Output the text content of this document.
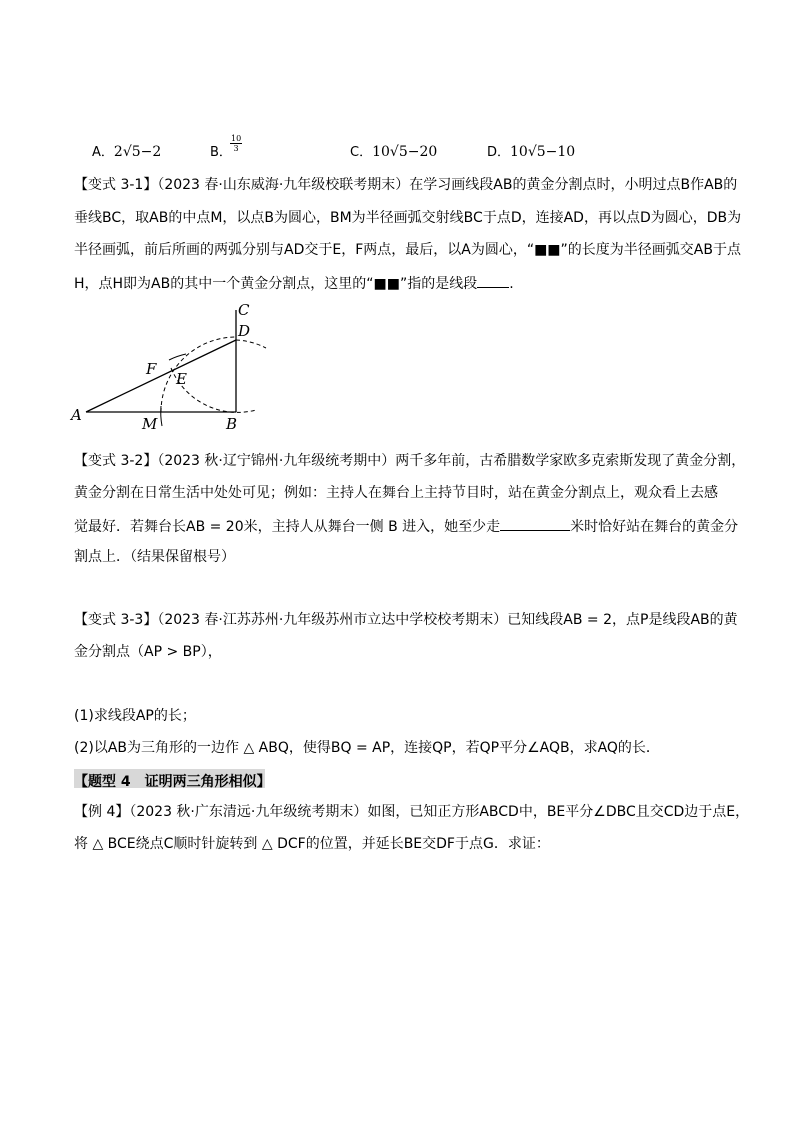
A．2√5−2	B．
$\frac{10}{3}$	C．10√5−20	D．10√5−10
【变式 3-1】（2023 春·山东威海·九年级校联考期末）在学习画线段AB的黄金分割点时，小明过点B作AB的
垂线BC，取AB的中点M，以点B为圆心，BM为半径画弧交射线BC于点D，连接AD，再以点D为圆心，DB为
半径画弧，前后所画的两弧分别与AD交于E，F两点，最后，以A为圆心，“■■”的长度为半径画弧交AB于点
H，点H即为AB的其中一个黄金分割点，这里的“■■”指的是线段 .
C
D
F
E
A	M	B
【变式 3-2】（2023 秋·辽宁锦州·九年级统考期中）两千多年前，古希腊数学家欧多克索斯发现了黄金分割，
黄金分割在日常生活中处处可见；例如：主持人在舞台上主持节目时，站在黄金分割点上，观众看上去感
觉最好．若舞台长AB = 20米，主持人从舞台一侧 B 进入，她至少走	米时恰好站在舞台的黄金分
割点上．（结果保留根号）
【变式 3-3】（2023 春·江苏苏州·九年级苏州市立达中学校校考期末）已知线段AB = 2，点P是线段AB的黄
金分割点（AP > BP），
(1)求线段AP的长；
(2)以AB为三角形的一边作 △ ABQ，使得BQ = AP，连接QP，若QP平分∠AQB，求AQ的长．
【题型 4　证明两三角形相似】
【例 4】（2023 秋·广东清远·九年级统考期末）如图，已知正方形ABCD中，BE平分∠DBC且交CD边于点E，
将 △ BCE绕点C顺时针旋转到 △ DCF的位置，并延长BE交DF于点G．求证：
